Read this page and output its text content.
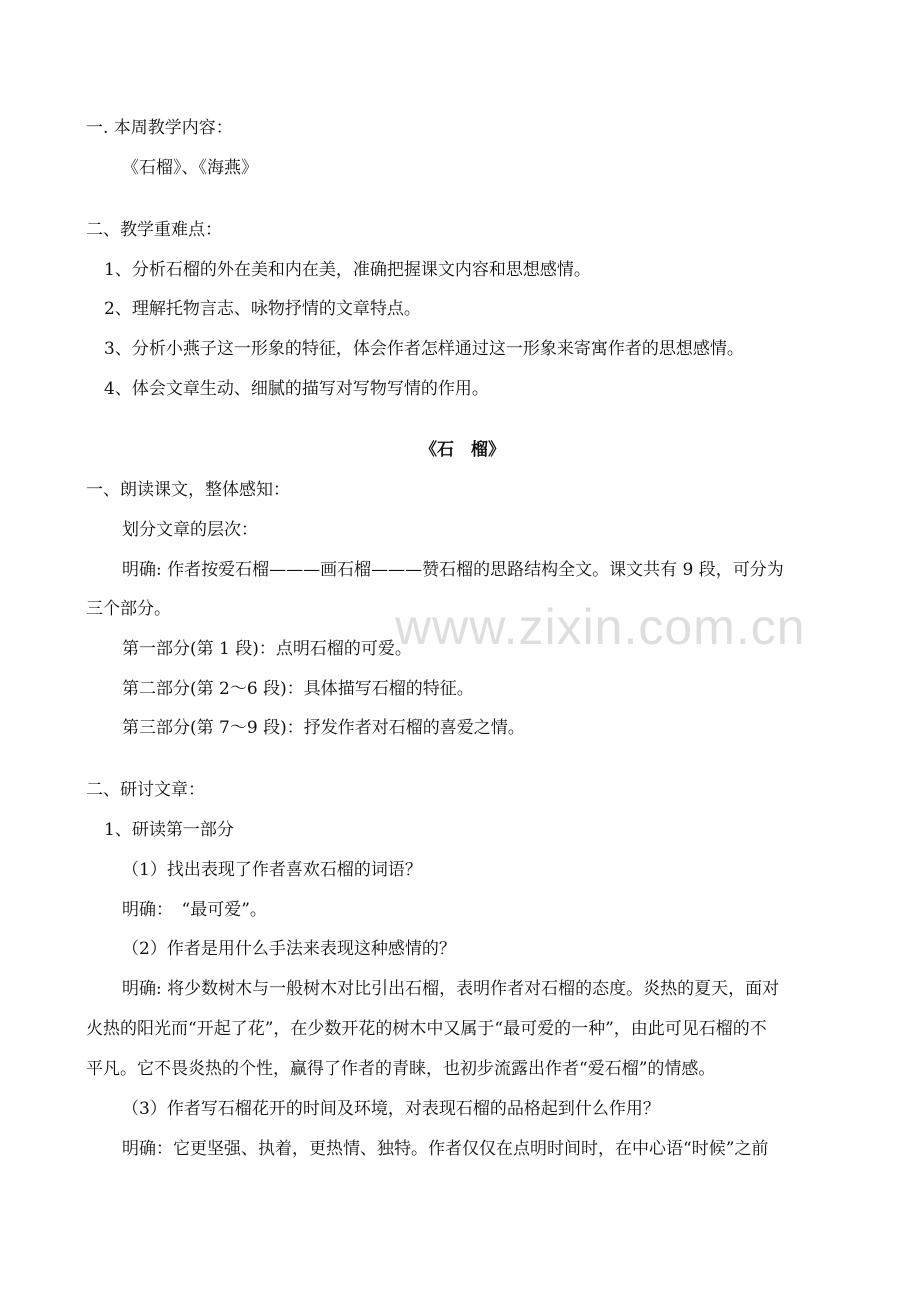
一. 本周教学内容：
《石榴》、《海燕》
二、教学重难点：
1、分析石榴的外在美和内在美，准确把握课文内容和思想感情。
2、理解托物言志、咏物抒情的文章特点。
3、分析小燕子这一形象的特征，体会作者怎样通过这一形象来寄寓作者的思想感情。
4、体会文章生动、细腻的描写对写物写情的作用。
《石　榴》
一、朗读课文，整体感知：
划分文章的层次：
明确: 作者按爱石榴———画石榴———赞石榴的思路结构全文。课文共有 9 段，可分为
三个部分。
第一部分(第 1 段)：点明石榴的可爱。
第二部分(第 2～6 段)：具体描写石榴的特征。
第三部分(第 7～9 段)：抒发作者对石榴的喜爱之情。
二、研讨文章：
1、研读第一部分
（1）找出表现了作者喜欢石榴的词语？
明确：　“最可爱”。
（2）作者是用什么手法来表现这种感情的？
明确: 将少数树木与一般树木对比引出石榴，表明作者对石榴的态度。炎热的夏天，面对
火热的阳光而“开起了花”，在少数开花的树木中又属于“最可爱的一种”，由此可见石榴的不
平凡。它不畏炎热的个性，赢得了作者的青睐，也初步流露出作者“爱石榴”的情感。
（3）作者写石榴花开的时间及环境，对表现石榴的品格起到什么作用？
明确：它更坚强、执着，更热情、独特。作者仅仅在点明时间时，在中心语“时候”之前
www.zixin.com.cn
